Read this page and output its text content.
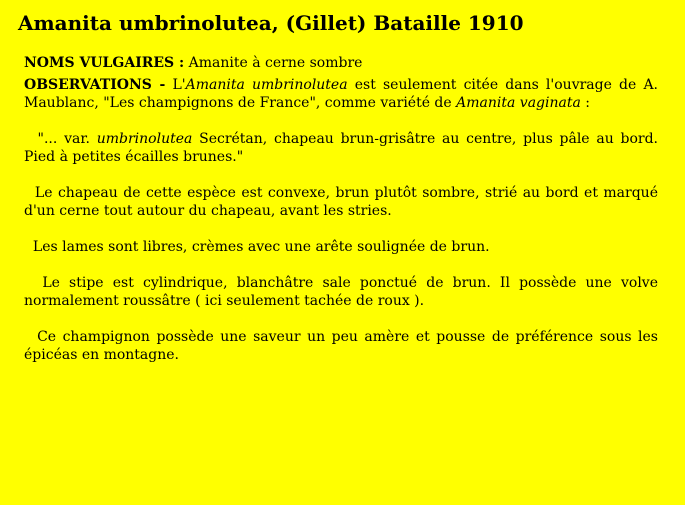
Amanita umbrinolutea, (Gillet) Bataille 1910

NOMS VULGAIRES : Amanite à cerne sombre

OBSERVATIONS - L'Amanita umbrinolutea est seulement citée dans l'ouvrage de A. Maublanc, "Les champignons de France", comme variété de Amanita vaginata :

"... var. umbrinolutea Secrétan, chapeau brun-grisâtre au centre, plus pâle au bord. Pied à petites écailles brunes."

Le chapeau de cette espèce est convexe, brun plutôt sombre, strié au bord et marqué d'un cerne tout autour du chapeau, avant les stries.

Les lames sont libres, crèmes avec une arête soulignée de brun.

Le stipe est cylindrique, blanchâtre sale ponctué de brun. Il possède une volve normalement roussâtre ( ici seulement tachée de roux ).

Ce champignon possède une saveur un peu amère et pousse de préférence sous les épicéas en montagne.
